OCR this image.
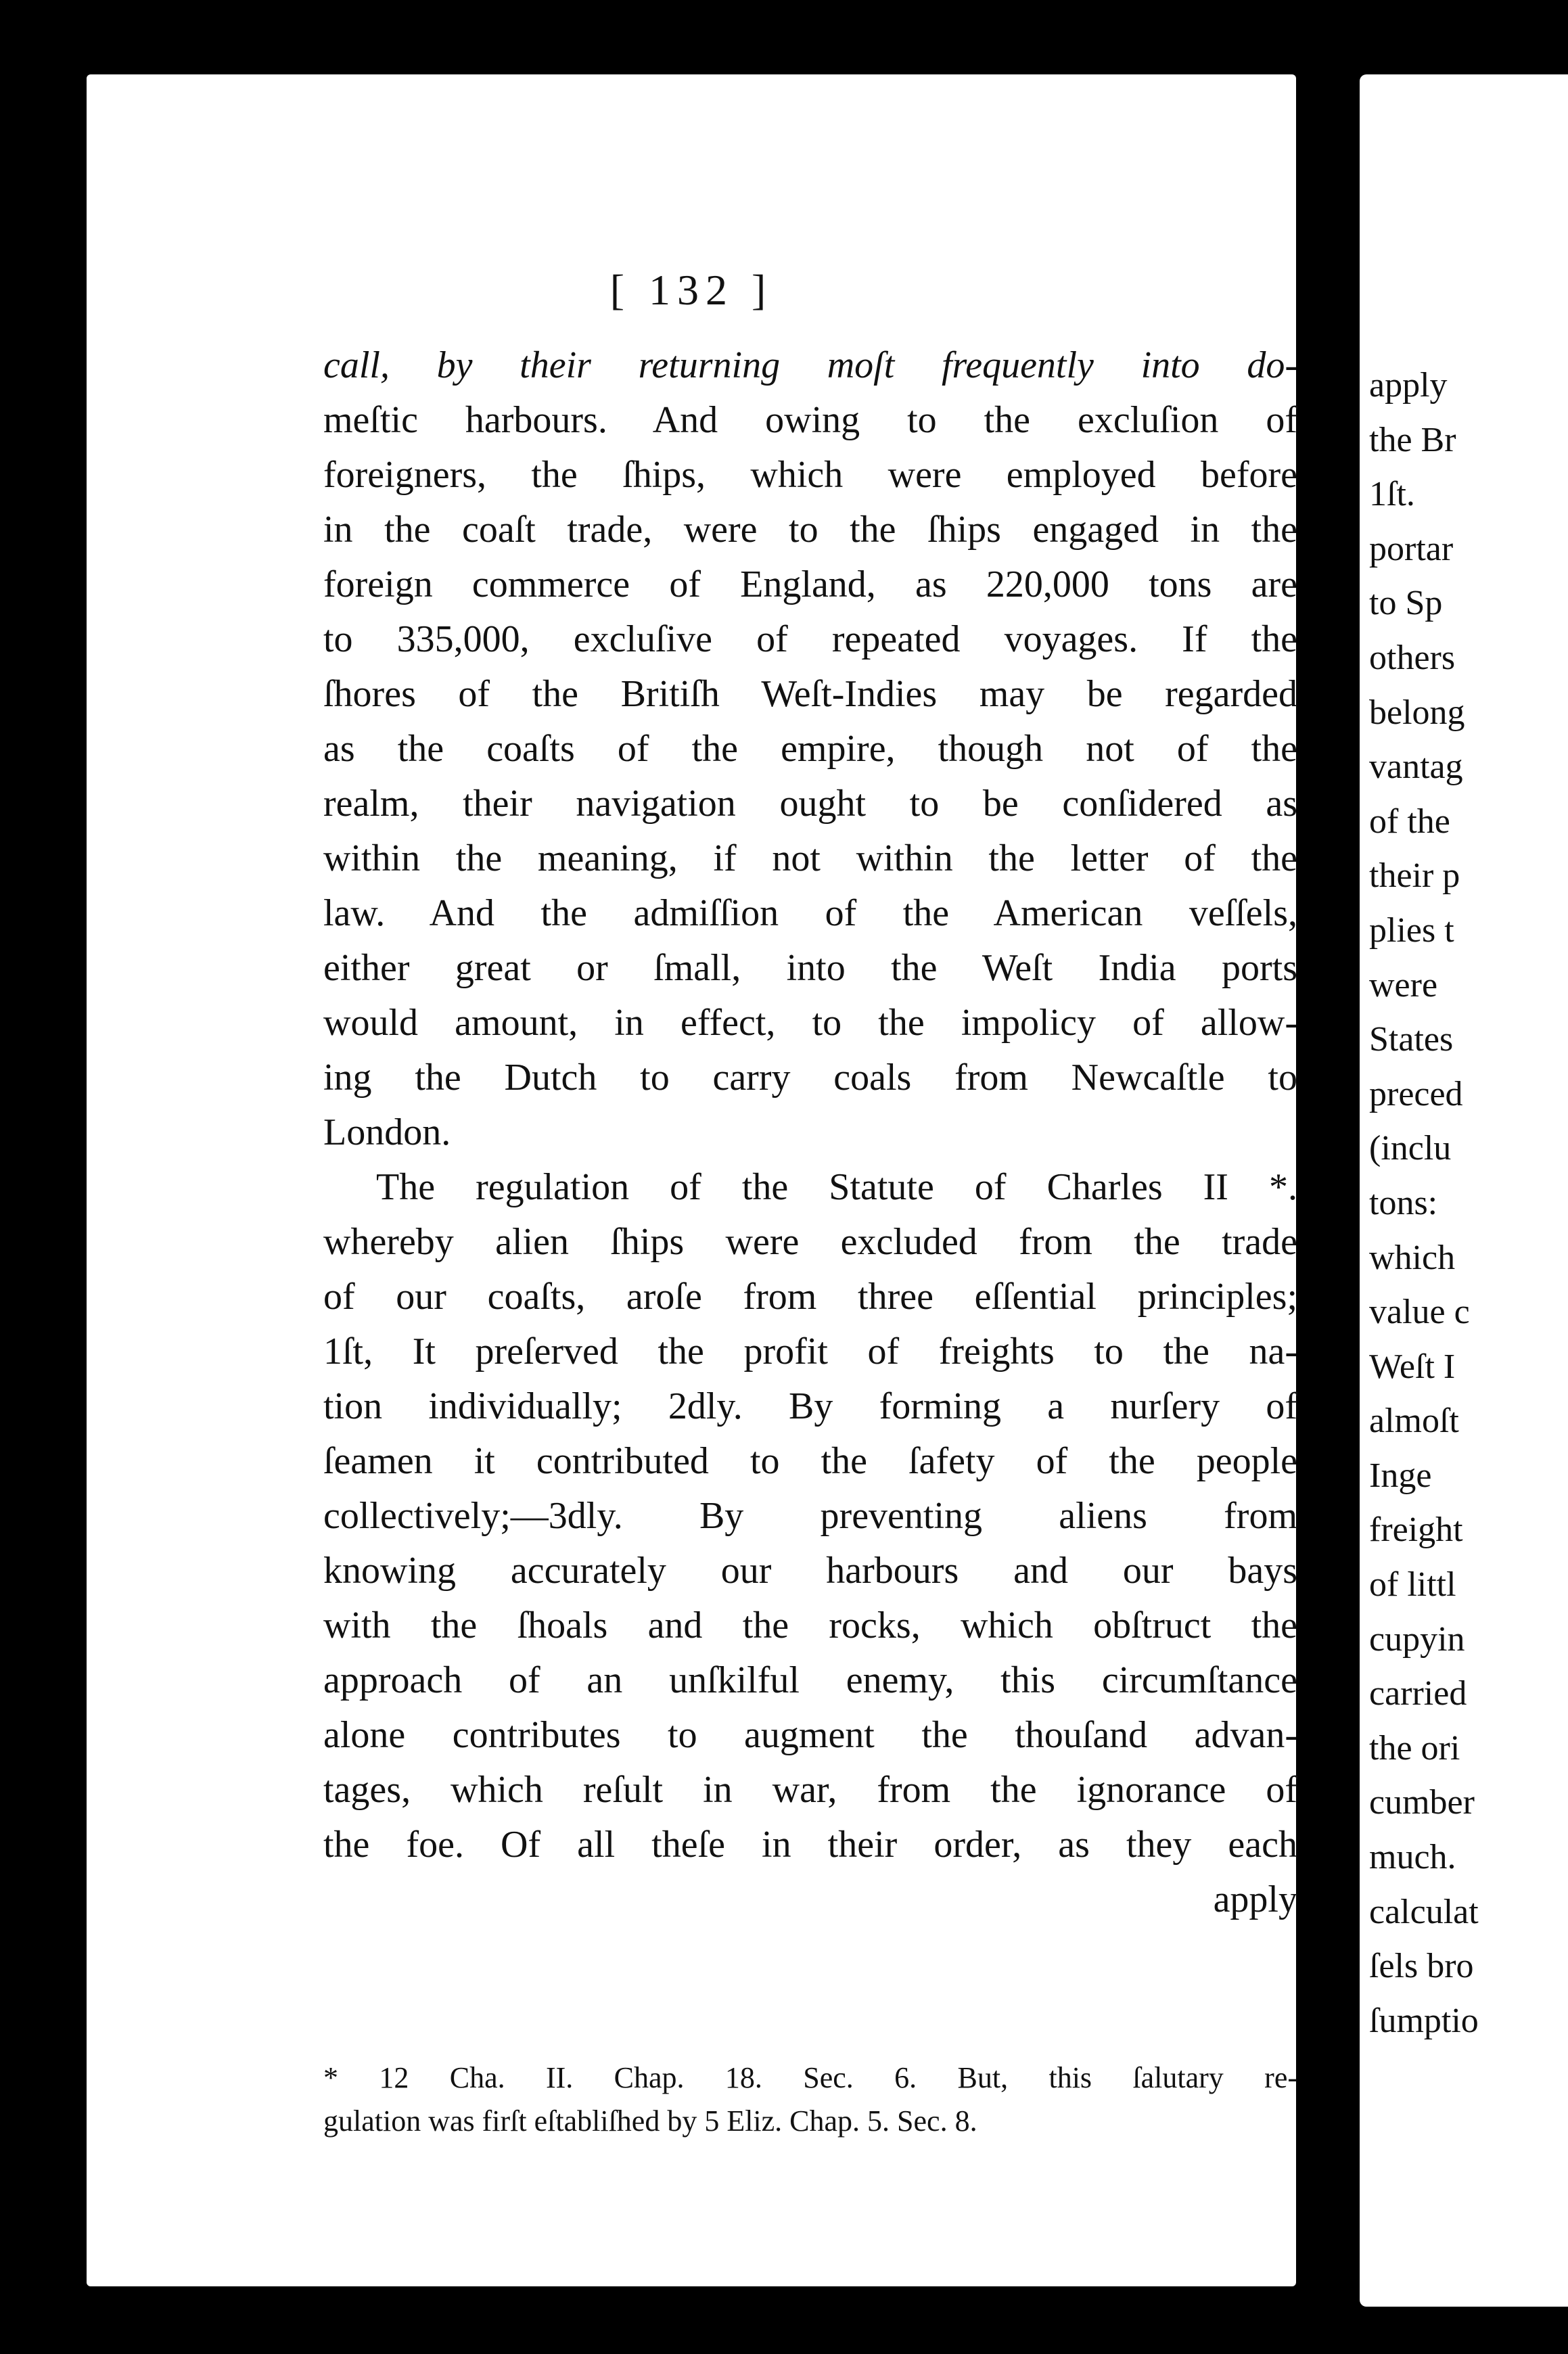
[ 132 ]
call, by their returning moſt frequently into do-
meſtic harbours. And owing to the excluſion of
foreigners, the ſhips, which were employed before
in the coaſt trade, were to the ſhips engaged in the
foreign commerce of England, as 220,000 tons are
to 335,000, excluſive of repeated voyages. If the
ſhores of the Britiſh Weſt-Indies may be regarded
as the coaſts of the empire, though not of the
realm, their navigation ought to be conſidered as
within the meaning, if not within the letter of the
law. And the admiſſion of the American veſſels,
either great or ſmall, into the Weſt India ports
would amount, in effect, to the impolicy of allow-
ing the Dutch to carry coals from Newcaſtle to
London.
The regulation of the Statute of Charles II *.
whereby alien ſhips were excluded from the trade
of our coaſts, aroſe from three eſſential principles;
1ſt, It preſerved the profit of freights to the na-
tion individually; 2dly. By forming a nurſery of
ſeamen it contributed to the ſafety of the people
collectively;—3dly. By preventing aliens from
knowing accurately our harbours and our bays
with the ſhoals and the rocks, which obſtruct the
approach of an unſkilful enemy, this circumſtance
alone contributes to augment the thouſand advan-
tages, which reſult in war, from the ignorance of
the foe. Of all theſe in their order, as they each
apply
* 12 Cha. II. Chap. 18. Sec. 6. But, this ſalutary re-
gulation was firſt eſtabliſhed by 5 Eliz. Chap. 5. Sec. 8.
apply
the Br
1ſt.
portar
to Sp
others
belong
vantag
of the
their p
plies t
were
States
preced
(inclu
tons:
which
value c
Weſt I
almoſt
Inge
freight
of littl
cupyin
carried
the ori
cumber
much.
calculat
ſels bro
ſumptio
